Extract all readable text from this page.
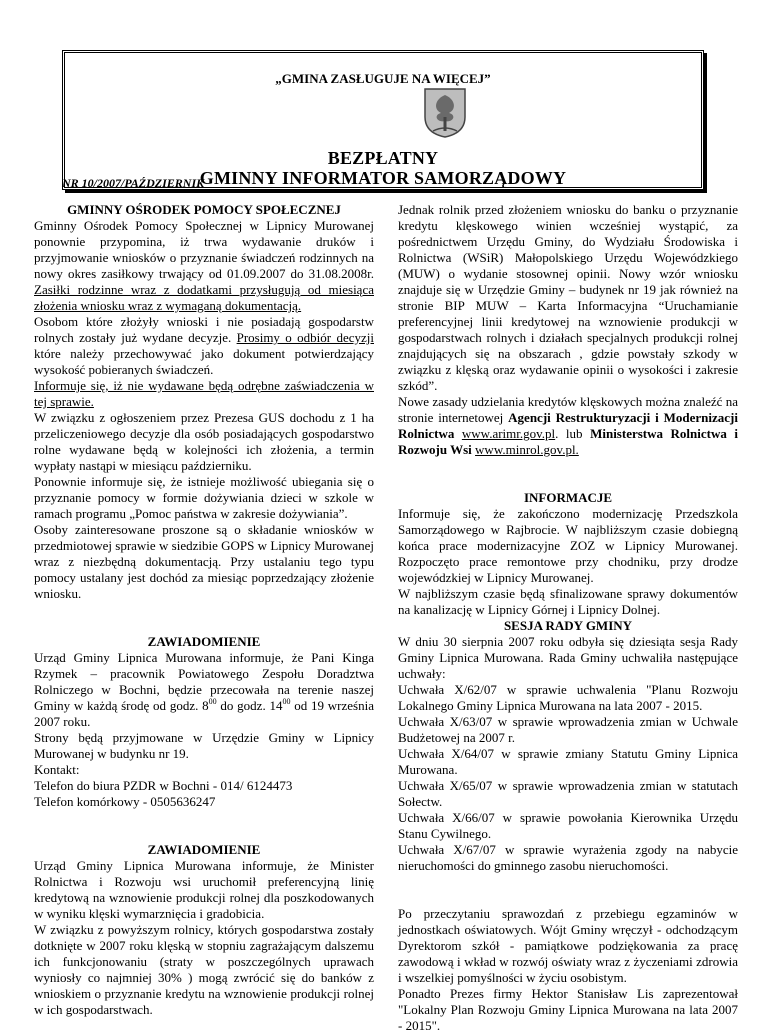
„GMINA ZASŁUGUJE NA WIĘCEJ”
BEZPŁATNY
GMINNY INFORMATOR SAMORZĄDOWY
NR 10/2007/PAŹDZIERNIK
GMINNY OŚRODEK POMOCY SPOŁECZNEJ

Gminny Ośrodek Pomocy Społecznej w Lipnicy Murowanej ponownie przypomina, iż trwa wydawanie druków i przyjmowanie wniosków o przyznanie świadczeń rodzinnych na nowy okres zasiłkowy trwający od 01.09.2007 do 31.08.2008r. Zasiłki rodzinne wraz z dodatkami przysługują od miesiąca złożenia wniosku wraz z wymaganą dokumentacją.

Osobom które złożyły wnioski i nie posiadają gospodarstw rolnych zostały już wydane decyzje. Prosimy o odbiór decyzji które należy przechowywać jako dokument potwierdzający wysokość pobieranych świadczeń.

Informuje się, iż nie wydawane będą odrębne zaświadczenia w tej sprawie.

W związku z ogłoszeniem przez Prezesa GUS dochodu z 1 ha przeliczeniowego decyzje dla osób posiadających gospodarstwo rolne wydawane będą w kolejności ich złożenia, a termin wypłaty nastąpi w miesiącu październiku.

Ponownie informuje się, że istnieje możliwość ubiegania się o przyznanie pomocy w formie dożywiania dzieci w szkole w ramach programu „Pomoc państwa w zakresie dożywiania”.

Osoby zainteresowane proszone są o składanie wniosków w przedmiotowej sprawie w siedzibie GOPS w Lipnicy Murowanej wraz z niezbędną dokumentacją. Przy ustalaniu tego typu pomocy ustalany jest dochód za miesiąc poprzedzający złożenie wniosku.

ZAWIADOMIENIE

Urząd Gminy Lipnica Murowana informuje, że Pani Kinga Rzymek – pracownik Powiatowego Zespołu Doradztwa Rolniczego w Bochni, będzie przecowała na terenie naszej Gminy w każdą środę od godz. $8^{00}$ do godz. $14^{00}$ od 19 września 2007 roku.

Strony będą przyjmowane w Urzędzie Gminy w Lipnicy Murowanej w budynku nr 19.

Kontakt:

Telefon do biura PZDR w Bochni - 014/ 6124473

Telefon komórkowy - 0505636247

ZAWIADOMIENIE

Urząd Gminy Lipnica Murowana informuje, że Minister Rolnictwa i Rozwoju wsi uruchomił preferencyjną linię kredytową na wznowienie produkcji rolnej dla poszkodowanych w wyniku klęski wymarznięcia i gradobicia.

W związku z powyższym rolnicy, których gospodarstwa zostały dotknięte w 2007 roku klęską w stopniu zagrażającym dalszemu ich funkcjonowaniu (straty w poszczególnych uprawach wyniosły co najmniej 30% ) mogą zwrócić się do banków z wnioskiem o przyznanie kredytu na wznowienie produkcji rolnej w ich gospodarstwach.

Jednak rolnik przed złożeniem wniosku do banku o przyznanie kredytu klęskowego winien wcześniej wystąpić, za pośrednictwem Urzędu Gminy, do Wydziału Środowiska i Rolnictwa (WSiR) Małopolskiego Urzędu Wojewódzkiego (MUW) o wydanie stosownej opinii. Nowy wzór wniosku znajduje się w Urzędzie Gminy – budynek nr 19 jak również na stronie BIP MUW – Karta Informacyjna “Uruchamianie preferencyjnej linii kredytowej na wznowienie produkcji w gospodarstwach rolnych i działach specjalnych produkcji rolnej znajdujących się na obszarach , gdzie powstały szkody w związku z klęską oraz wydawanie opinii o wysokości i zakresie szkód”.

Nowe zasady udzielania kredytów klęskowych można znaleźć na stronie internetowej Agencji Restrukturyzacji i Modernizacji Rolnictwa www.arimr.gov.pl. lub Ministerstwa Rolnictwa i Rozwoju Wsi www.minrol.gov.pl.

INFORMACJE

Informuje się, że zakończono modernizację Przedszkola Samorządowego w Rajbrocie. W najbliższym czasie dobiegną końca prace modernizacyjne ZOZ w Lipnicy Murowanej. Rozpoczęto prace remontowe przy chodniku, przy drodze wojewódzkiej w Lipnicy Murowanej.

W najbliższym czasie będą sfinalizowane sprawy dokumentów na kanalizację w Lipnicy Górnej i Lipnicy Dolnej.

SESJA RADY GMINY

W dniu 30 sierpnia 2007 roku odbyła się dziesiąta sesja Rady Gminy Lipnica Murowana. Rada Gminy uchwaliła następujące uchwały:

Uchwała X/62/07 w sprawie uchwalenia "Planu Rozwoju Lokalnego Gminy Lipnica Murowana na lata 2007 - 2015.

Uchwała X/63/07 w sprawie wprowadzenia zmian w Uchwale Budżetowej na 2007 r.

Uchwała X/64/07 w sprawie zmiany Statutu Gminy Lipnica Murowana.

Uchwała X/65/07 w sprawie wprowadzenia zmian w statutach Sołectw.

Uchwała X/66/07 w sprawie powołania Kierownika Urzędu Stanu Cywilnego.

Uchwała X/67/07 w sprawie wyrażenia zgody na nabycie nieruchomości do gminnego zasobu nieruchomości.

Po przeczytaniu sprawozdań z przebiegu egzaminów w jednostkach oświatowych. Wójt Gminy wręczył - odchodzącym Dyrektorom szkół - pamiątkowe podziękowania za pracę zawodową i wkład w rozwój oświaty wraz z życzeniami zdrowia i wszelkiej pomyślności w życiu osobistym.

Ponadto Prezes firmy Hektor Stanisław Lis zaprezentował "Lokalny Plan Rozwoju Gminy Lipnica Murowana na lata 2007 - 2015".
